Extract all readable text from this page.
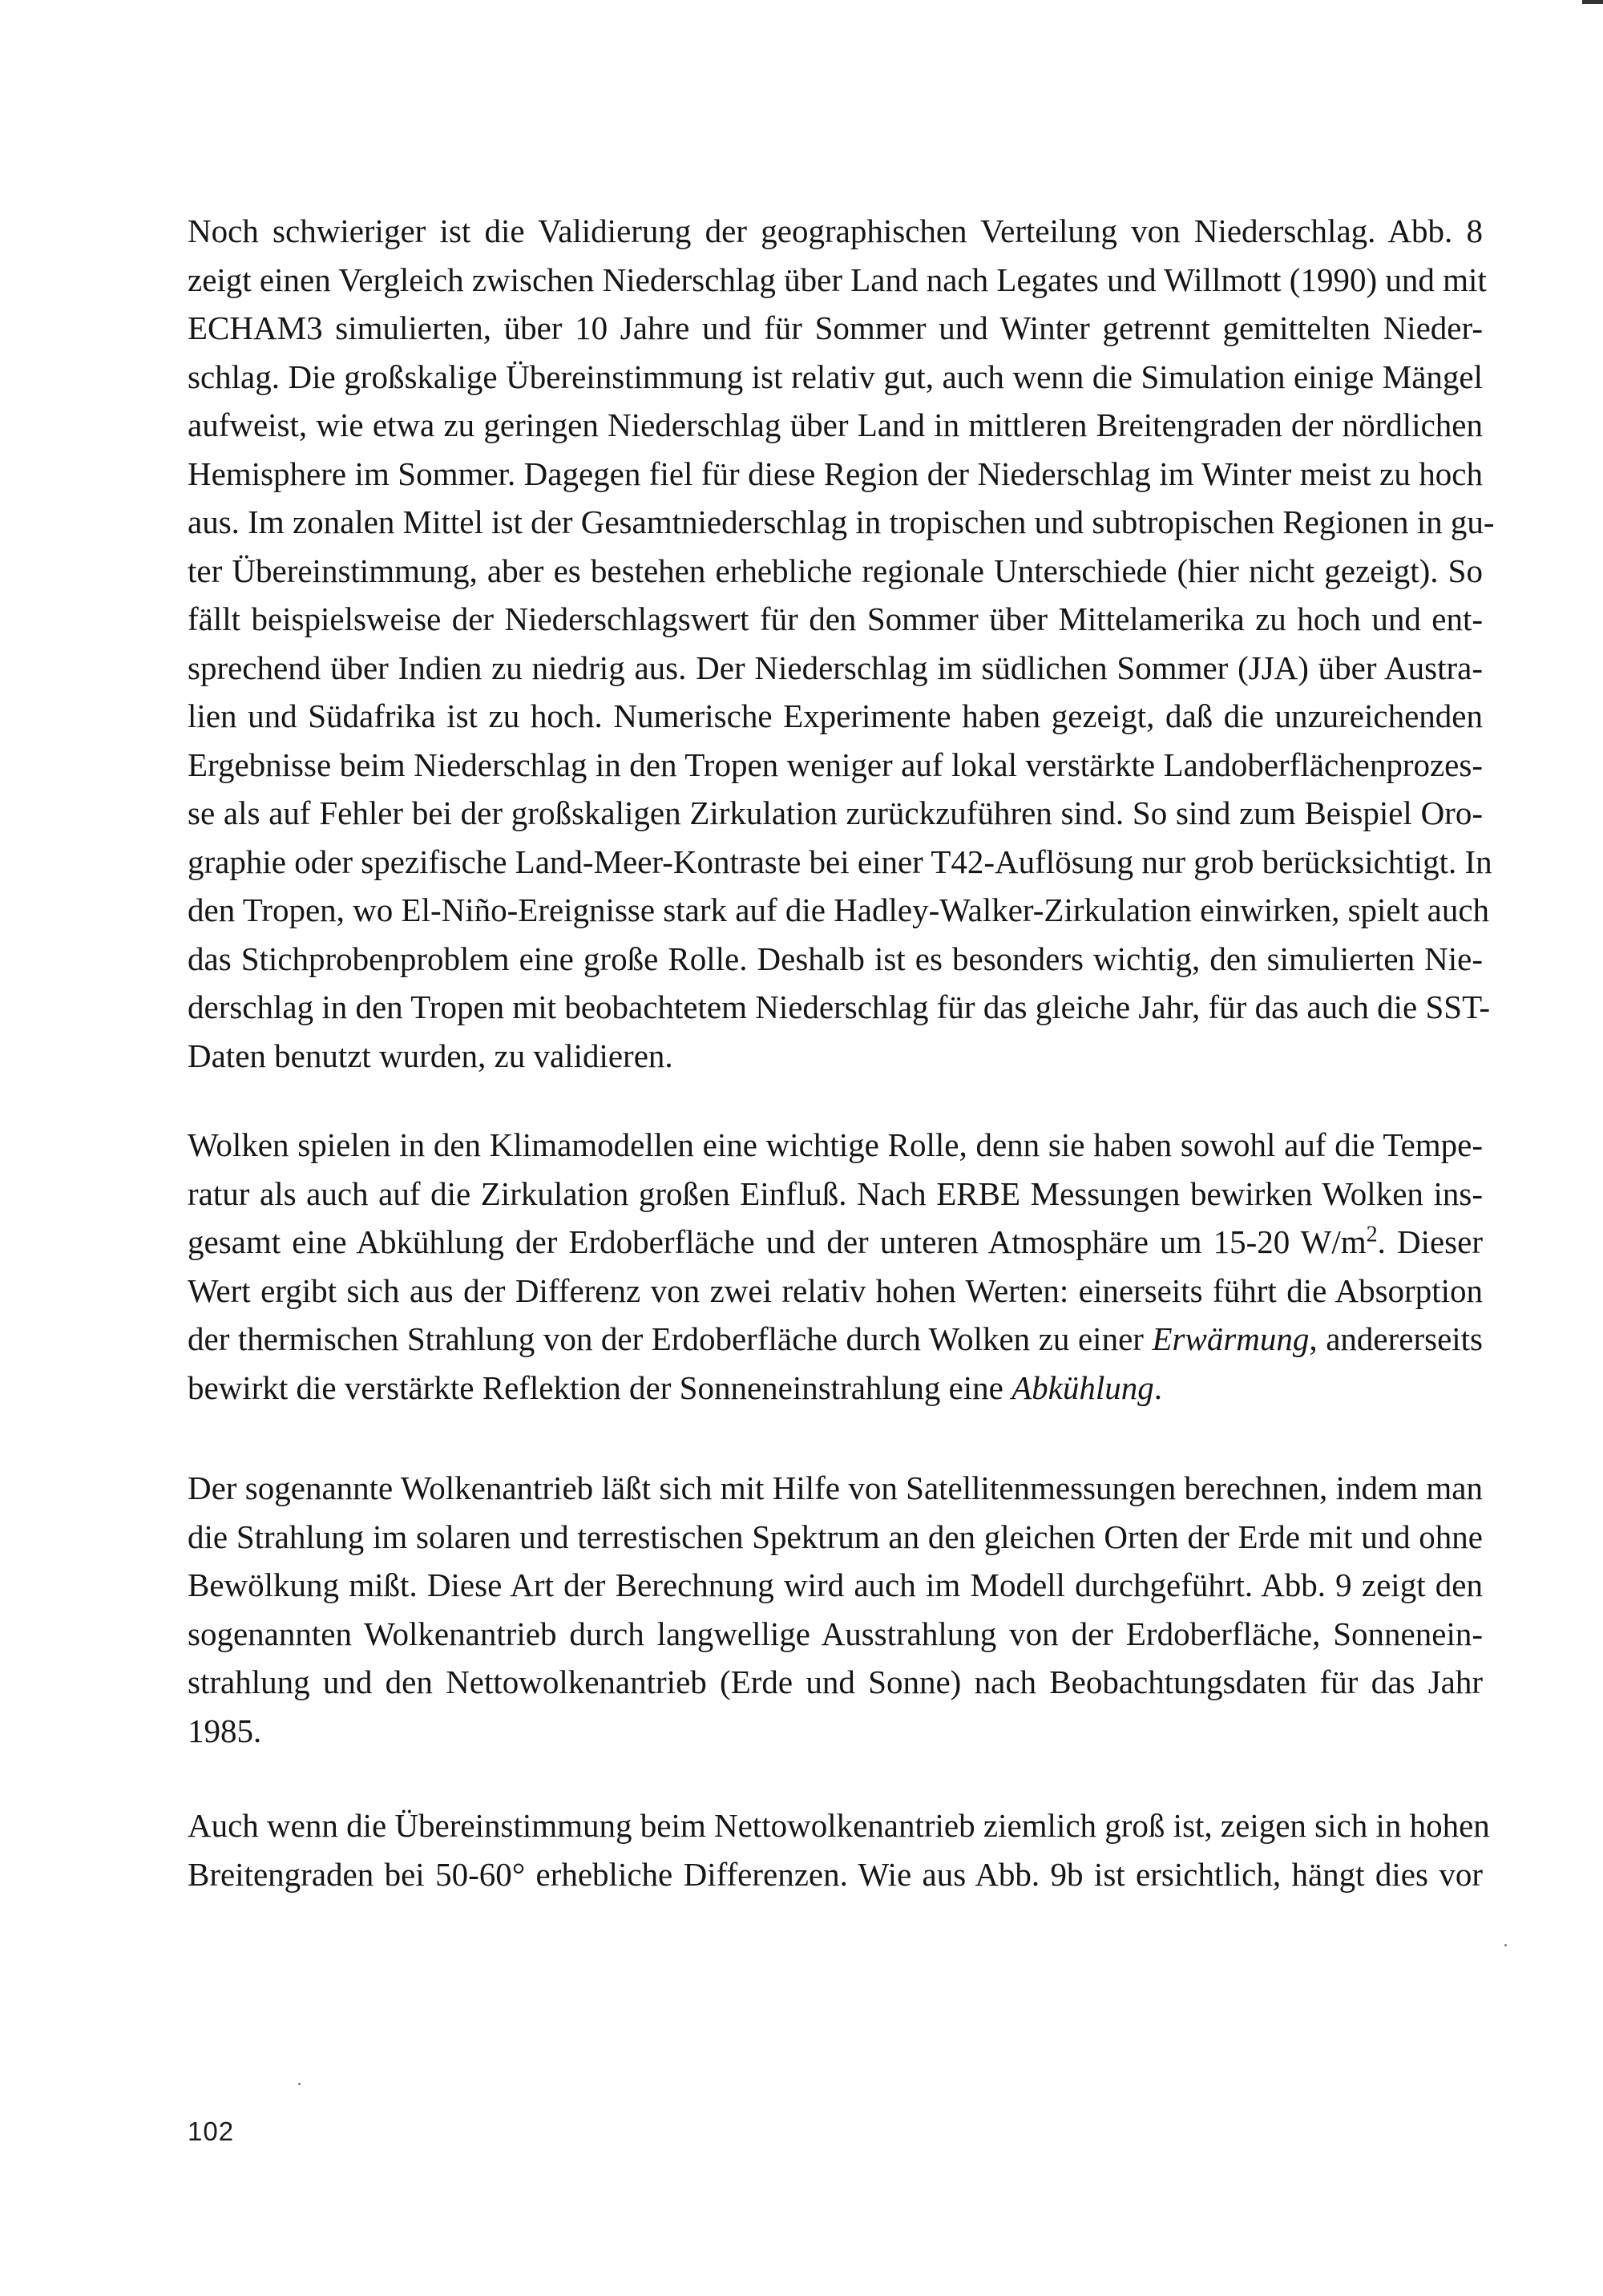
Noch schwieriger ist die Validierung der geographischen Verteilung von Niederschlag. Abb. 8
zeigt einen Vergleich zwischen Niederschlag über Land nach Legates und Willmott (1990) und mit
ECHAM3 simulierten, über 10 Jahre und für Sommer und Winter getrennt gemittelten Nieder-
schlag. Die großskalige Übereinstimmung ist relativ gut, auch wenn die Simulation einige Mängel
aufweist, wie etwa zu geringen Niederschlag über Land in mittleren Breitengraden der nördlichen
Hemisphere im Sommer. Dagegen fiel für diese Region der Niederschlag im Winter meist zu hoch
aus. Im zonalen Mittel ist der Gesamtniederschlag in tropischen und subtropischen Regionen in gu-
ter Übereinstimmung, aber es bestehen erhebliche regionale Unterschiede (hier nicht gezeigt). So
fällt beispielsweise der Niederschlagswert für den Sommer über Mittelamerika zu hoch und ent-
sprechend über Indien zu niedrig aus. Der Niederschlag im südlichen Sommer (JJA) über Austra-
lien und Südafrika ist zu hoch. Numerische Experimente haben gezeigt, daß die unzureichenden
Ergebnisse beim Niederschlag in den Tropen weniger auf lokal verstärkte Landoberflächenprozes-
se als auf Fehler bei der großskaligen Zirkulation zurückzuführen sind. So sind zum Beispiel Oro-
graphie oder spezifische Land-Meer-Kontraste bei einer T42-Auflösung nur grob berücksichtigt. In
den Tropen, wo El-Niño-Ereignisse stark auf die Hadley-Walker-Zirkulation einwirken, spielt auch
das Stichprobenproblem eine große Rolle. Deshalb ist es besonders wichtig, den simulierten Nie-
derschlag in den Tropen mit beobachtetem Niederschlag für das gleiche Jahr, für das auch die SST-
Daten benutzt wurden, zu validieren.
Wolken spielen in den Klimamodellen eine wichtige Rolle, denn sie haben sowohl auf die Tempe-
ratur als auch auf die Zirkulation großen Einfluß. Nach ERBE Messungen bewirken Wolken ins-
gesamt eine Abkühlung der Erdoberfläche und der unteren Atmosphäre um 15-20 $W/m^2$. Dieser
Wert ergibt sich aus der Differenz von zwei relativ hohen Werten: einerseits führt die Absorption
der thermischen Strahlung von der Erdoberfläche durch Wolken zu einer Erwärmung, andererseits
bewirkt die verstärkte Reflektion der Sonneneinstrahlung eine Abkühlung.
Der sogenannte Wolkenantrieb läßt sich mit Hilfe von Satellitenmessungen berechnen, indem man
die Strahlung im solaren und terrestischen Spektrum an den gleichen Orten der Erde mit und ohne
Bewölkung mißt. Diese Art der Berechnung wird auch im Modell durchgeführt. Abb. 9 zeigt den
sogenannten Wolkenantrieb durch langwellige Ausstrahlung von der Erdoberfläche, Sonnenein-
strahlung und den Nettowolkenantrieb (Erde und Sonne) nach Beobachtungsdaten für das Jahr
1985.
Auch wenn die Übereinstimmung beim Nettowolkenantrieb ziemlich groß ist, zeigen sich in hohen
Breitengraden bei 50-60° erhebliche Differenzen. Wie aus Abb. 9b ist ersichtlich, hängt dies vor
102
